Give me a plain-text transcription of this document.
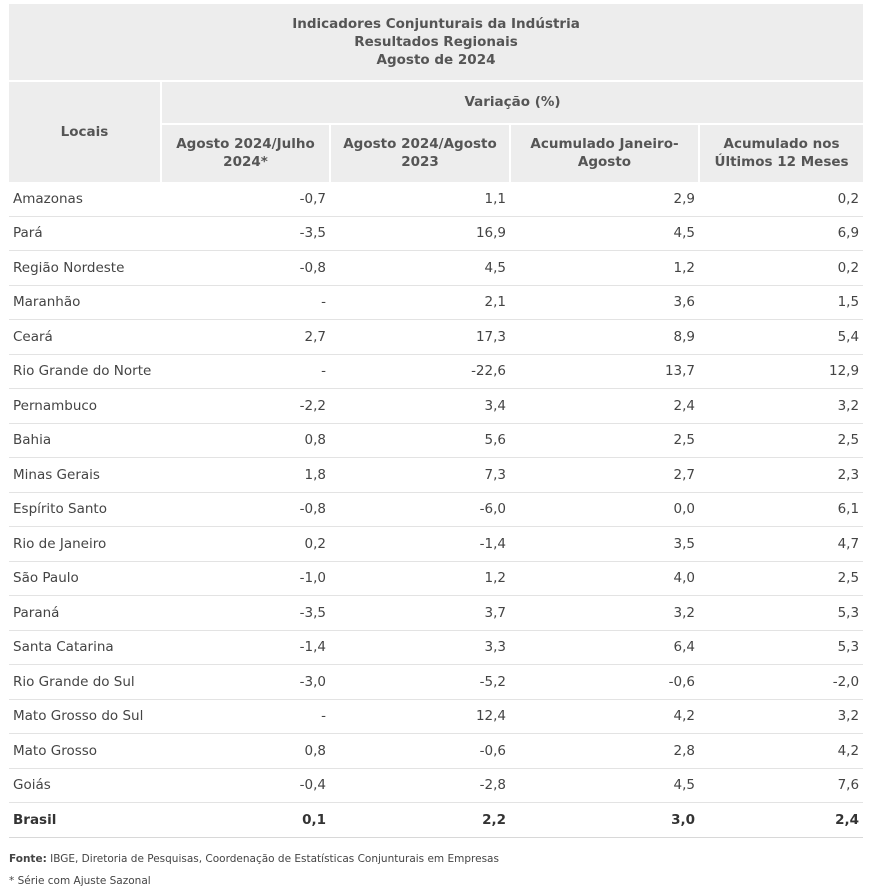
Indicadores Conjunturais da Indústria
Resultados Regionais
Agosto de 2024				

Locais	Variação (%)			
	Agosto 2024/Julho 2024*	Agosto 2024/Agosto 2023	Acumulado Janeiro-Agosto	Acumulado nos Últimos 12 Meses
Amazonas	-0,7	1,1	2,9	0,2
Pará	-3,5	16,9	4,5	6,9
Região Nordeste	-0,8	4,5	1,2	0,2
Maranhão	-	2,1	3,6	1,5
Ceará	2,7	17,3	8,9	5,4
Rio Grande do Norte	-	-22,6	13,7	12,9
Pernambuco	-2,2	3,4	2,4	3,2
Bahia	0,8	5,6	2,5	2,5
Minas Gerais	1,8	7,3	2,7	2,3
Espírito Santo	-0,8	-6,0	0,0	6,1
Rio de Janeiro	0,2	-1,4	3,5	4,7
São Paulo	-1,0	1,2	4,0	2,5
Paraná	-3,5	3,7	3,2	5,3
Santa Catarina	-1,4	3,3	6,4	5,3
Rio Grande do Sul	-3,0	-5,2	-0,6	-2,0
Mato Grosso do Sul	-	12,4	4,2	3,2
Mato Grosso	0,8	-0,6	2,8	4,2
Goiás	-0,4	-2,8	4,5	7,6
Brasil	0,1	2,2	3,0	2,4
Fonte: IBGE, Diretoria de Pesquisas, Coordenação de Estatísticas Conjunturais em Empresas
* Série com Ajuste Sazonal
